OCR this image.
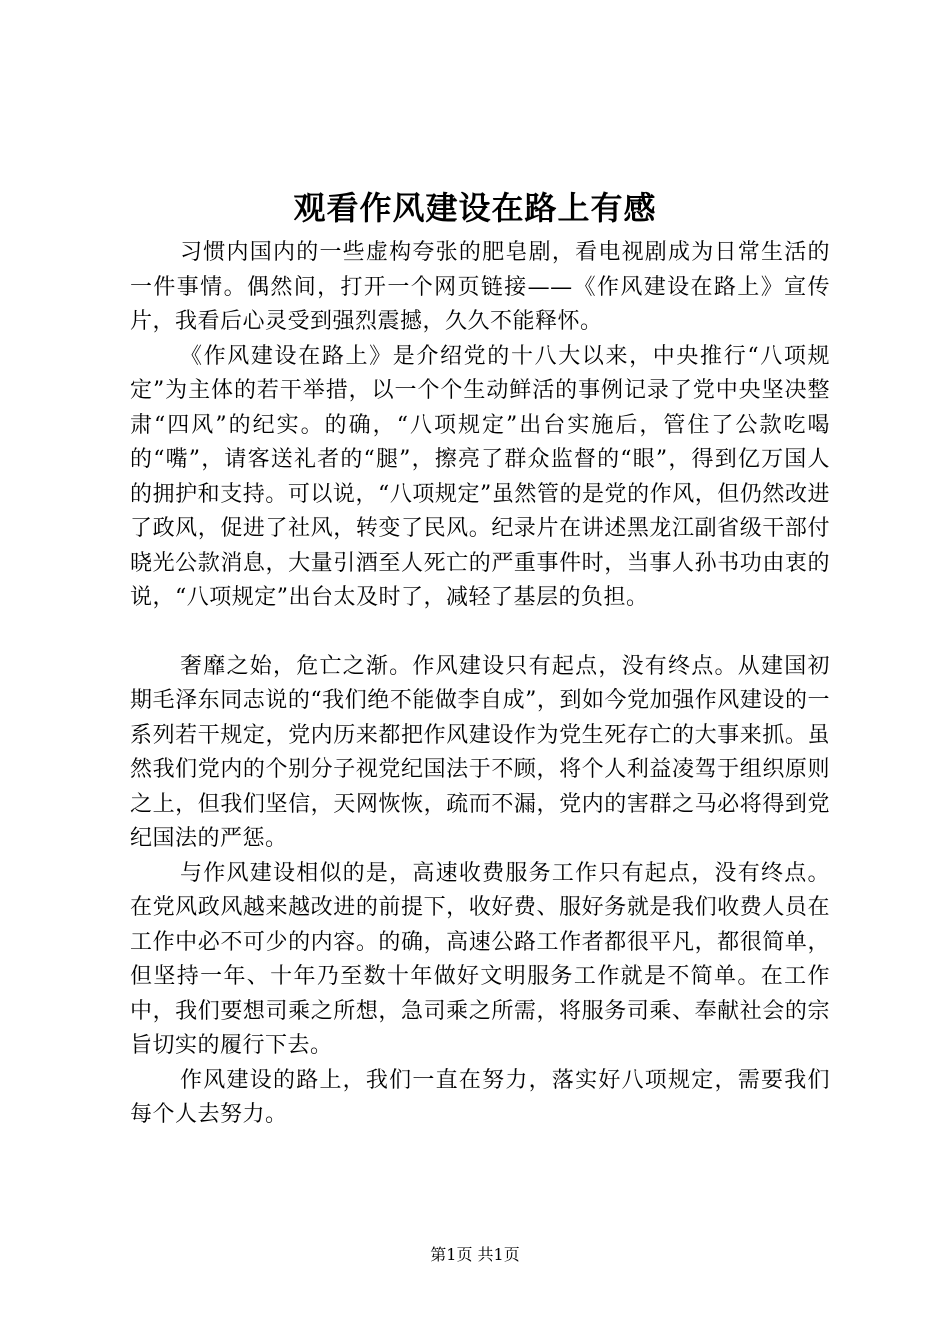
观看作风建设在路上有感

习惯内国内的一些虚构夸张的肥皂剧，看电视剧成为日常生活的一件事情。偶然间，打开一个网页链接——《作风建设在路上》宣传片，我看后心灵受到强烈震撼，久久不能释怀。

《作风建设在路上》是介绍党的十八大以来，中央推行“八项规定”为主体的若干举措，以一个个生动鲜活的事例记录了党中央坚决整肃“四风”的纪实。的确，“八项规定”出台实施后，管住了公款吃喝的“嘴”，请客送礼者的“腿”，擦亮了群众监督的“眼”，得到亿万国人的拥护和支持。可以说，“八项规定”虽然管的是党的作风，但仍然改进了政风，促进了社风，转变了民风。纪录片在讲述黑龙江副省级干部付晓光公款消息，大量引酒至人死亡的严重事件时，当事人孙书功由衷的说，“八项规定”出台太及时了，减轻了基层的负担。

奢靡之始，危亡之渐。作风建设只有起点，没有终点。从建国初期毛泽东同志说的“我们绝不能做李自成”，到如今党加强作风建设的一系列若干规定，党内历来都把作风建设作为党生死存亡的大事来抓。虽然我们党内的个别分子视党纪国法于不顾，将个人利益凌驾于组织原则之上，但我们坚信，天网恢恢，疏而不漏，党内的害群之马必将得到党纪国法的严惩。

与作风建设相似的是，高速收费服务工作只有起点，没有终点。在党风政风越来越改进的前提下，收好费、服好务就是我们收费人员在工作中必不可少的内容。的确，高速公路工作者都很平凡，都很简单，但坚持一年、十年乃至数十年做好文明服务工作就是不简单。在工作中，我们要想司乘之所想，急司乘之所需，将服务司乘、奉献社会的宗旨切实的履行下去。

作风建设的路上，我们一直在努力，落实好八项规定，需要我们每个人去努力。

第1页 共1页
